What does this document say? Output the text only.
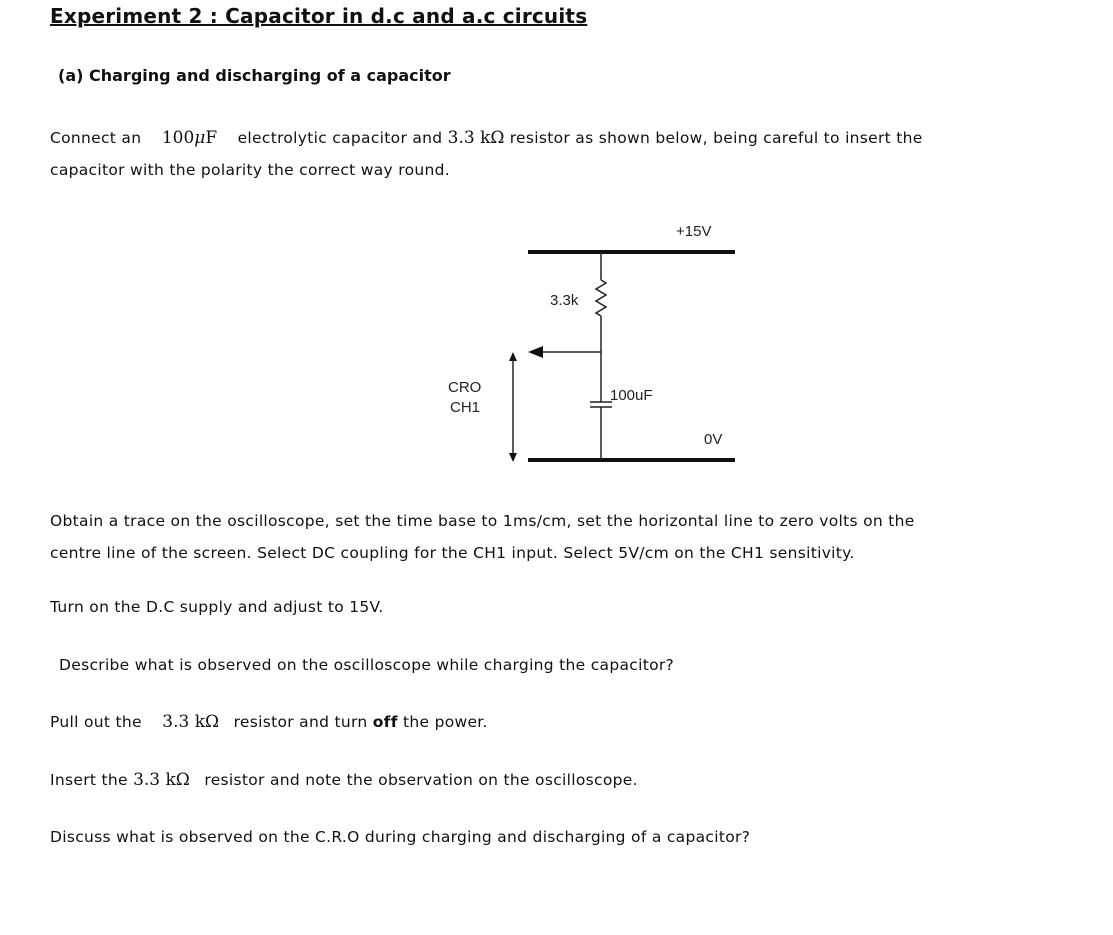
Experiment 2 : Capacitor in d.c and a.c circuits
(a) Charging and discharging of a capacitor
Connect an 100μF electrolytic capacitor and 3.3 kΩ resistor as shown below, being careful to insert the
capacitor with the polarity the correct way round.
+15V
3.3k
100uF
0V
CRO
CH1
Obtain a trace on the oscilloscope, set the time base to 1ms/cm, set the horizontal line to zero volts on the
centre line of the screen. Select DC coupling for the CH1 input. Select 5V/cm on the CH1 sensitivity.
Turn on the D.C supply and adjust to 15V.
Describe what is observed on the oscilloscope while charging the capacitor?
Pull out the 3.3 kΩ resistor and turn off the power.
Insert the 3.3 kΩ resistor and note the observation on the oscilloscope.
Discuss what is observed on the C.R.O during charging and discharging of a capacitor?
